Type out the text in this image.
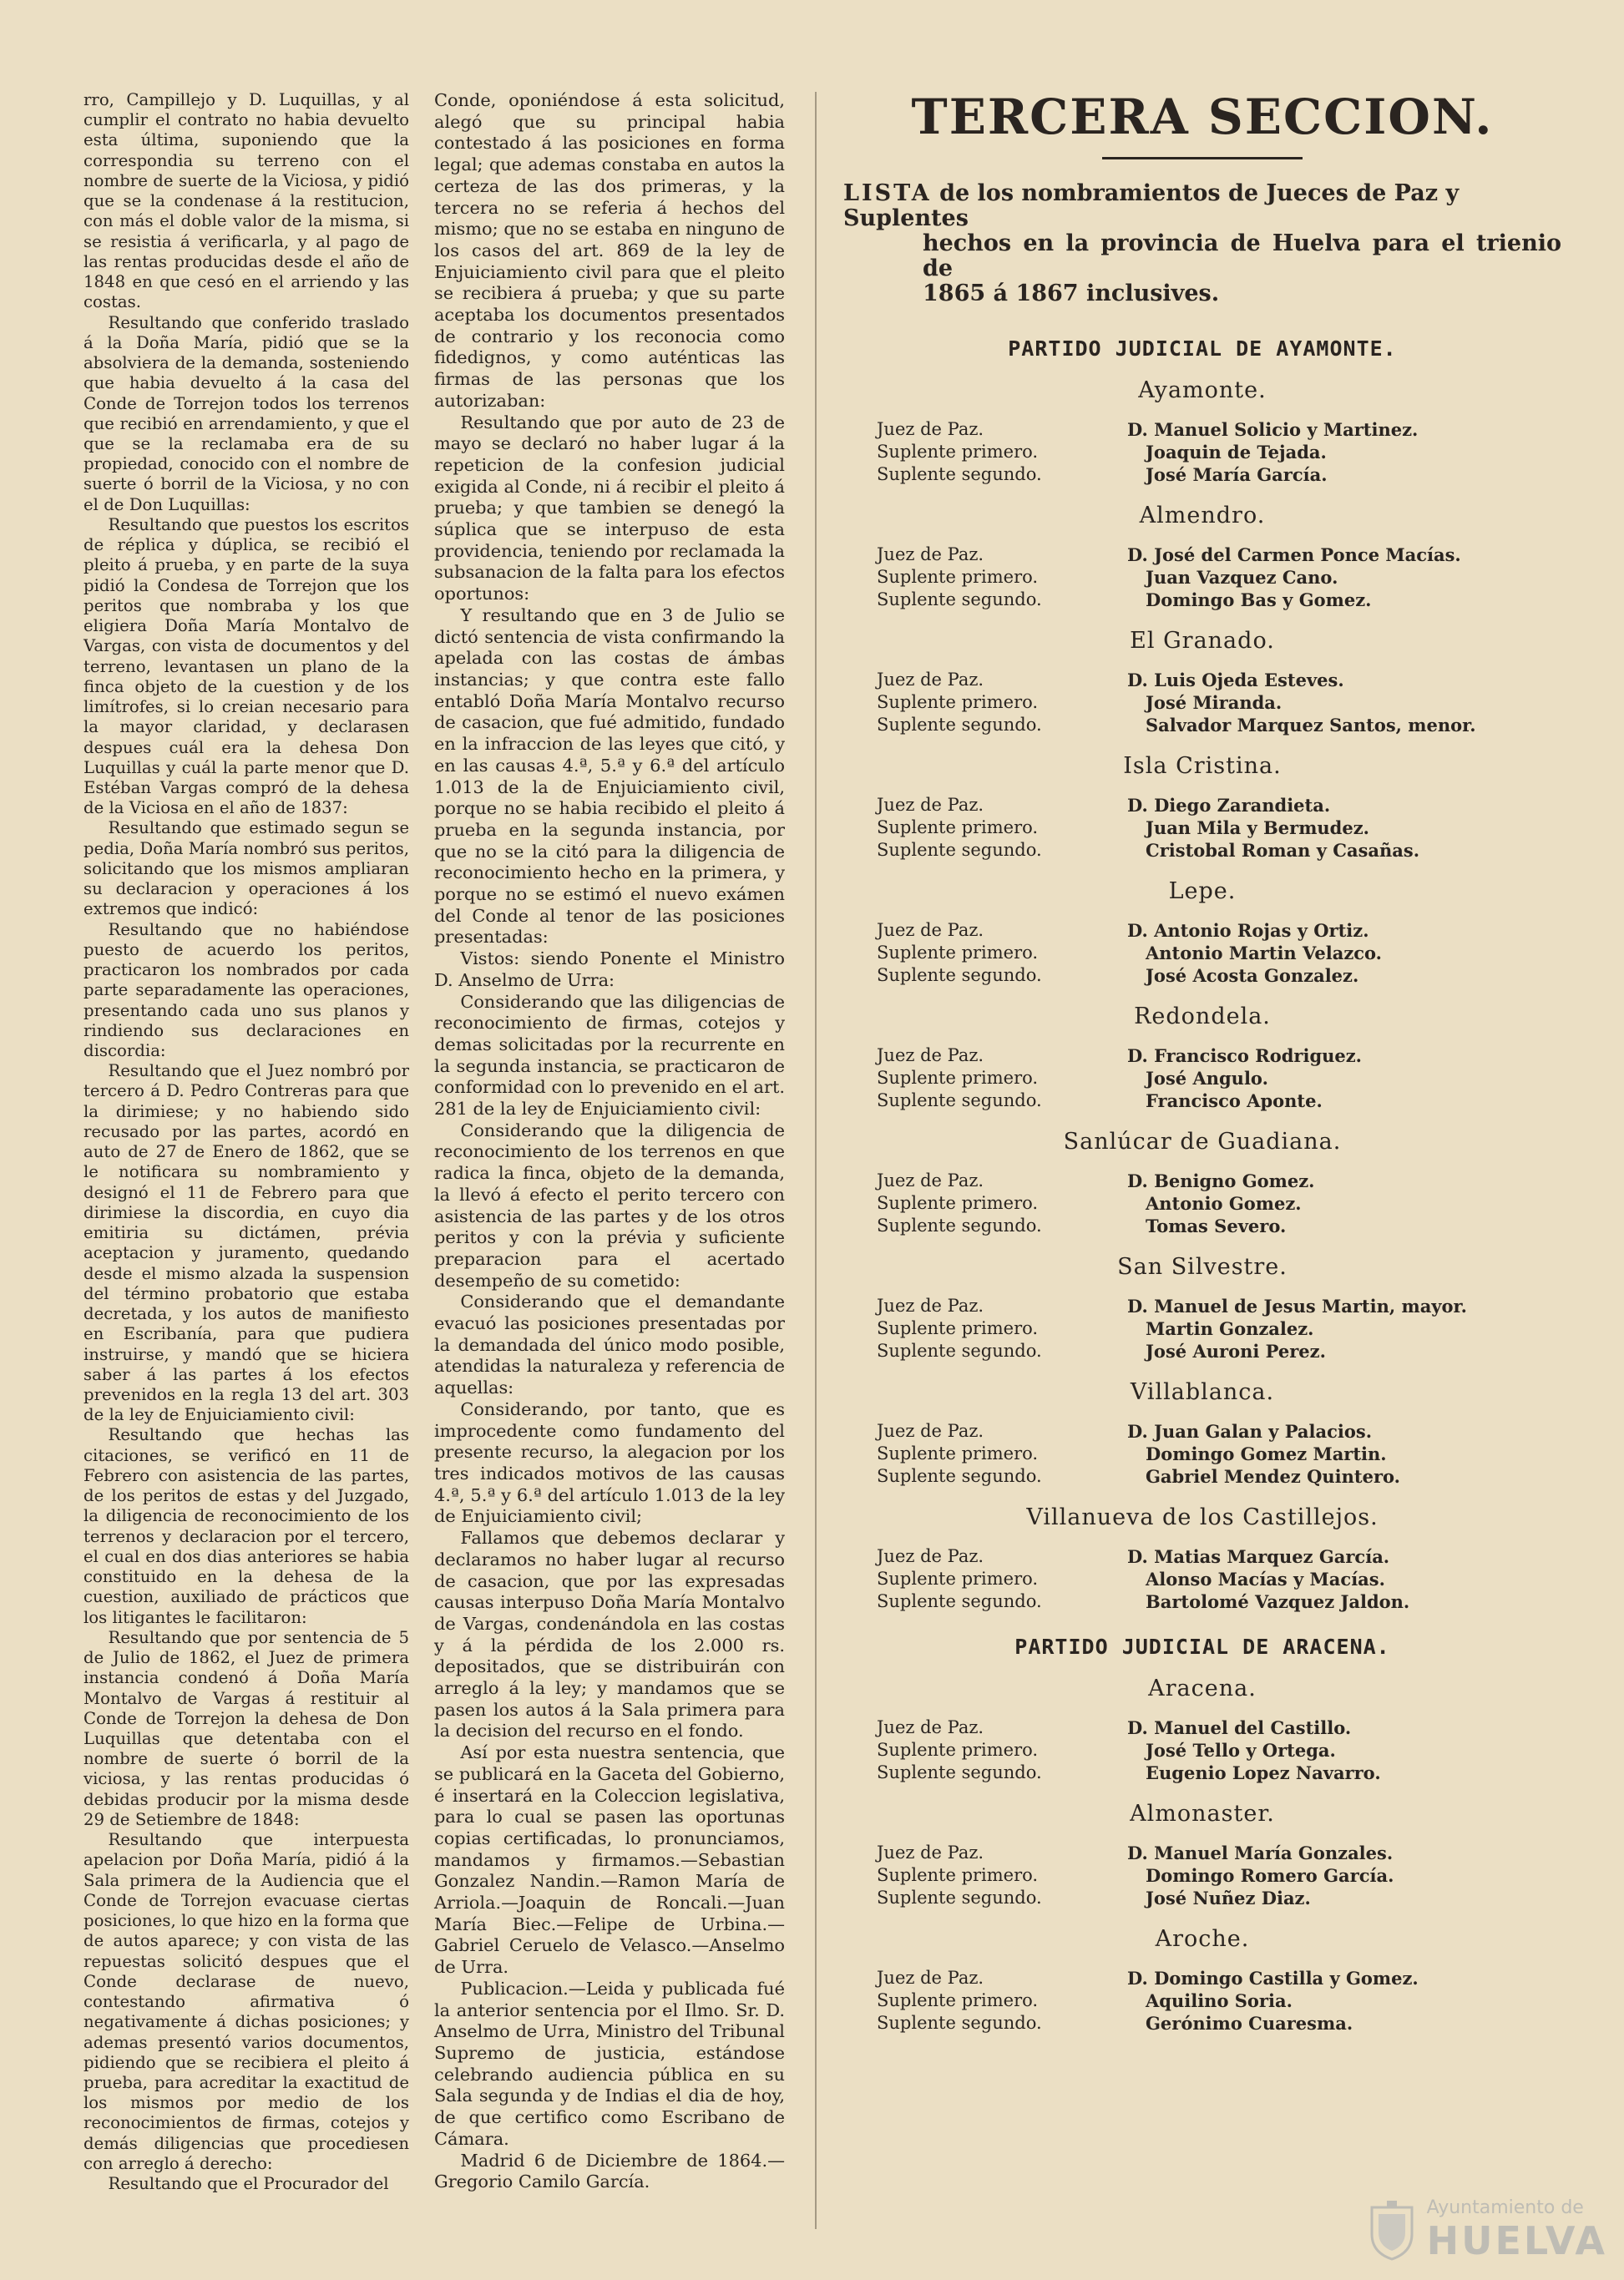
rro, Campillejo y D. Luquillas, y al cumplir el contrato no habia devuelto esta última, suponiendo que la correspondia su terreno con el nombre de suerte de la Viciosa, y pidió que se la condenase á la restitucion, con más el doble valor de la misma, si se resistia á verificarla, y al pago de las rentas producidas desde el año de 1848 en que cesó en el arriendo y las costas.

Resultando que conferido traslado á la Doña María, pidió que se la absolviera de la demanda, sosteniendo que habia devuelto á la casa del Conde de Torrejon todos los terrenos que recibió en arrendamiento, y que el que se la reclamaba era de su propiedad, conocido con el nombre de suerte ó borril de la Viciosa, y no con el de Don Luquillas:

Resultando que puestos los escritos de réplica y dúplica, se recibió el pleito á prueba, y en parte de la suya pidió la Condesa de Torrejon que los peritos que nombraba y los que eligiera Doña María Montalvo de Vargas, con vista de documentos y del terreno, levantasen un plano de la finca objeto de la cuestion y de los limítrofes, si lo creian necesario para la mayor claridad, y declarasen despues cuál era la dehesa Don Luquillas y cuál la parte menor que D. Estéban Vargas compró de la dehesa de la Viciosa en el año de 1837:

Resultando que estimado segun se pedia, Doña María nombró sus peritos, solicitando que los mismos ampliaran su declaracion y operaciones á los extremos que indicó:

Resultando que no habiéndose puesto de acuerdo los peritos, practicaron los nombrados por cada parte separadamente las operaciones, presentando cada uno sus planos y rindiendo sus declaraciones en discordia:

Resultando que el Juez nombró por tercero á D. Pedro Contreras para que la dirimiese; y no habiendo sido recusado por las partes, acordó en auto de 27 de Enero de 1862, que se le notificara su nombramiento y designó el 11 de Febrero para que dirimiese la discordia, en cuyo dia emitiria su dictámen, prévia aceptacion y juramento, quedando desde el mismo alzada la suspension del término probatorio que estaba decretada, y los autos de manifiesto en Escribanía, para que pudiera instruirse, y mandó que se hiciera saber á las partes á los efectos prevenidos en la regla 13 del art. 303 de la ley de Enjuiciamiento civil:

Resultando que hechas las citaciones, se verificó en 11 de Febrero con asistencia de las partes, de los peritos de estas y del Juzgado, la diligencia de reconocimiento de los terrenos y declaracion por el tercero, el cual en dos dias anteriores se habia constituido en la dehesa de la cuestion, auxiliado de prácticos que los litigantes le facilitaron:

Resultando que por sentencia de 5 de Julio de 1862, el Juez de primera instancia condenó á Doña María Montalvo de Vargas á restituir al Conde de Torrejon la dehesa de Don Luquillas que detentaba con el nombre de suerte ó borril de la viciosa, y las rentas producidas ó debidas producir por la misma desde 29 de Setiembre de 1848:

Resultando que interpuesta apelacion por Doña María, pidió á la Sala primera de la Audiencia que el Conde de Torrejon evacuase ciertas posiciones, lo que hizo en la forma que de autos aparece; y con vista de las repuestas solicitó despues que el Conde declarase de nuevo, contestando afirmativa ó negativamente á dichas posiciones; y ademas presentó varios documentos, pidiendo que se recibiera el pleito á prueba, para acreditar la exactitud de los mismos por medio de los reconocimientos de firmas, cotejos y demás diligencias que procediesen con arreglo á derecho:

Resultando que el Procurador del

Conde, oponiéndose á esta solicitud, alegó que su principal habia contestado á las posiciones en forma legal; que ademas constaba en autos la certeza de las dos primeras, y la tercera no se referia á hechos del mismo; que no se estaba en ninguno de los casos del art. 869 de la ley de Enjuiciamiento civil para que el pleito se recibiera á prueba; y que su parte aceptaba los documentos presentados de contrario y los reconocia como fidedignos, y como auténticas las firmas de las personas que los autorizaban:

Resultando que por auto de 23 de mayo se declaró no haber lugar á la repeticion de la confesion judicial exigida al Conde, ni á recibir el pleito á prueba; y que tambien se denegó la súplica que se interpuso de esta providencia, teniendo por reclamada la subsanacion de la falta para los efectos oportunos:

Y resultando que en 3 de Julio se dictó sentencia de vista confirmando la apelada con las costas de ámbas instancias; y que contra este fallo entabló Doña María Montalvo recurso de casacion, que fué admitido, fundado en la infraccion de las leyes que citó, y en las causas 4.ª, 5.ª y 6.ª del artículo 1.013 de la de Enjuiciamiento civil, porque no se habia recibido el pleito á prueba en la segunda instancia, por que no se la citó para la diligencia de reconocimiento hecho en la primera, y porque no se estimó el nuevo exámen del Conde al tenor de las posiciones presentadas:

Vistos: siendo Ponente el Ministro D. Anselmo de Urra:

Considerando que las diligencias de reconocimiento de firmas, cotejos y demas solicitadas por la recurrente en la segunda instancia, se practicaron de conformidad con lo prevenido en el art. 281 de la ley de Enjuiciamiento civil:

Considerando que la diligencia de reconocimiento de los terrenos en que radica la finca, objeto de la demanda, la llevó á efecto el perito tercero con asistencia de las partes y de los otros peritos y con la prévia y suficiente preparacion para el acertado desempeño de su cometido:

Considerando que el demandante evacuó las posiciones presentadas por la demandada del único modo posible, atendidas la naturaleza y referencia de aquellas:

Considerando, por tanto, que es improcedente como fundamento del presente recurso, la alegacion por los tres indicados motivos de las causas 4.ª, 5.ª y 6.ª del artículo 1.013 de la ley de Enjuiciamiento civil;

Fallamos que debemos declarar y declaramos no haber lugar al recurso de casacion, que por las expresadas causas interpuso Doña María Montalvo de Vargas, condenándola en las costas y á la pérdida de los 2.000 rs. depositados, que se distribuirán con arreglo á la ley; y mandamos que se pasen los autos á la Sala primera para la decision del recurso en el fondo.

Así por esta nuestra sentencia, que se publicará en la Gaceta del Gobierno, é insertará en la Coleccion legislativa, para lo cual se pasen las oportunas copias certificadas, lo pronunciamos, mandamos y firmamos.—Sebastian Gonzalez Nandin.—Ramon María de Arriola.—Joaquin de Roncali.—Juan María Biec.—Felipe de Urbina.—Gabriel Ceruelo de Velasco.—Anselmo de Urra.

Publicacion.—Leida y publicada fué la anterior sentencia por el Ilmo. Sr. D. Anselmo de Urra, Ministro del Tribunal Supremo de justicia, estándose celebrando audiencia pública en su Sala segunda y de Indias el dia de hoy, de que certifico como Escribano de Cámara.

Madrid 6 de Diciembre de 1864.—Gregorio Camilo García.

TERCERA SECCION.
LISTA de los nombramientos de Jueces de Paz y Suplentes
hechos en la provincia de Huelva para el trienio de
1865 á 1867 inclusives.
PARTIDO JUDICIAL DE AYAMONTE.
Ayamonte.
Juez de Paz.
Suplente primero.
Suplente segundo.
D. Manuel Solicio y Martinez.
Joaquin de Tejada.
José María García.
Almendro.
Juez de Paz.
Suplente primero.
Suplente segundo.
D. José del Carmen Ponce Macías.
Juan Vazquez Cano.
Domingo Bas y Gomez.
El Granado.
Juez de Paz.
Suplente primero.
Suplente segundo.
D. Luis Ojeda Esteves.
José Miranda.
Salvador Marquez Santos, menor.
Isla Cristina.
Juez de Paz.
Suplente primero.
Suplente segundo.
D. Diego Zarandieta.
Juan Mila y Bermudez.
Cristobal Roman y Casañas.
Lepe.
Juez de Paz.
Suplente primero.
Suplente segundo.
D. Antonio Rojas y Ortiz.
Antonio Martin Velazco.
José Acosta Gonzalez.
Redondela.
Juez de Paz.
Suplente primero.
Suplente segundo.
D. Francisco Rodriguez.
José Angulo.
Francisco Aponte.
Sanlúcar de Guadiana.
Juez de Paz.
Suplente primero.
Suplente segundo.
D. Benigno Gomez.
Antonio Gomez.
Tomas Severo.
San Silvestre.
Juez de Paz.
Suplente primero.
Suplente segundo.
D. Manuel de Jesus Martin, mayor.
Martin Gonzalez.
José Auroni Perez.
Villablanca.
Juez de Paz.
Suplente primero.
Suplente segundo.
D. Juan Galan y Palacios.
Domingo Gomez Martin.
Gabriel Mendez Quintero.
Villanueva de los Castillejos.
Juez de Paz.
Suplente primero.
Suplente segundo.
D. Matias Marquez García.
Alonso Macías y Macías.
Bartolomé Vazquez Jaldon.
PARTIDO JUDICIAL DE ARACENA.
Aracena.
Juez de Paz.
Suplente primero.
Suplente segundo.
D. Manuel del Castillo.
José Tello y Ortega.
Eugenio Lopez Navarro.
Almonaster.
Juez de Paz.
Suplente primero.
Suplente segundo.
D. Manuel María Gonzales.
Domingo Romero García.
José Nuñez Diaz.
Aroche.
Juez de Paz.
Suplente primero.
Suplente segundo.
D. Domingo Castilla y Gomez.
Aquilino Soria.
Gerónimo Cuaresma.
Ayuntamiento de
HUELVA
